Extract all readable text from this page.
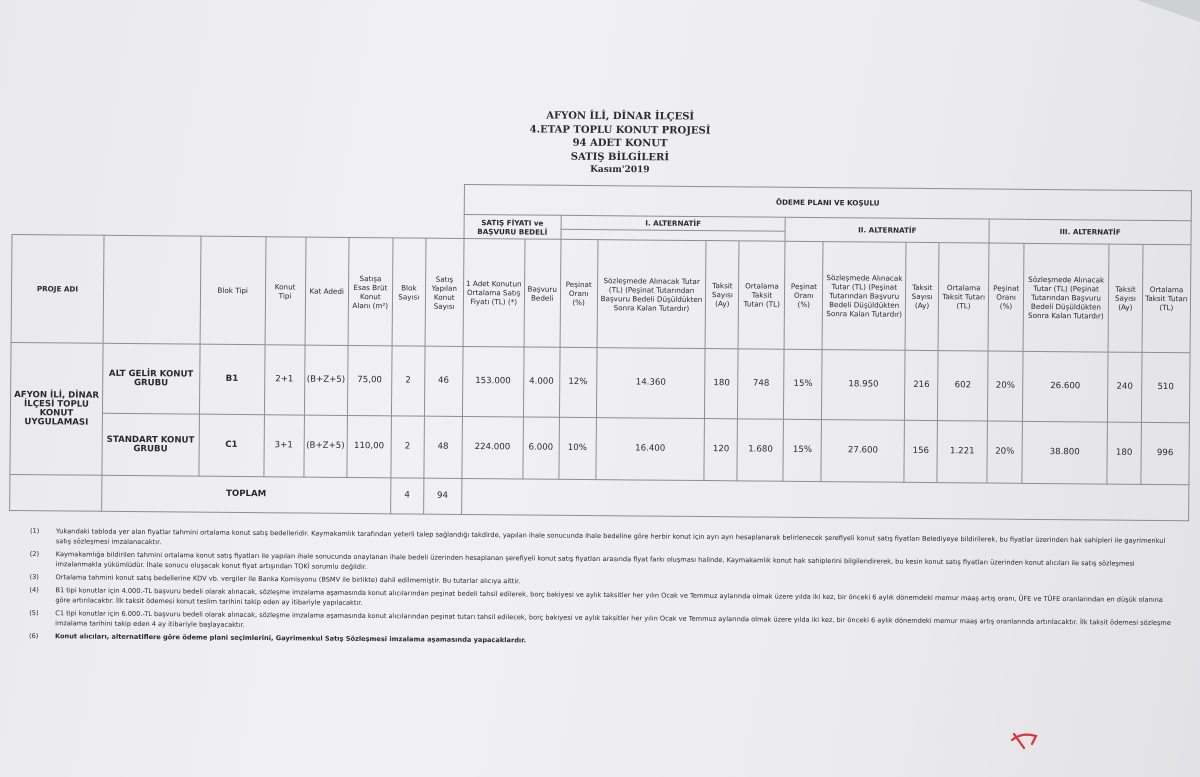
AFYON İLİ, DİNAR İLÇESİ
4.ETAP TOPLU KONUT PROJESİ
94 ADET KONUT
SATIŞ BİLGİLERİ
Kasım'2019
								ÖDEME PLANI VE KOŞULU													
								SATIŞ FİYATI ve BAŞVURU BEDELİ		I. ALTERNATİF				II. ALTERNATİF				III. ALTERNATİF			

PROJE ADI		Blok Tipi	Konut Tipi	Kat Adedi	Satışa Esas Brüt Konut Alanı (m²)	Blok Sayısı	Satış Yapılan Konut Sayısı	1 Adet Konutun Ortalama Satış Fiyatı (TL) (*)	Başvuru Bedeli	Peşinat Oranı (%)	Sözleşmede Alınacak Tutar (TL) (Peşinat Tutarından Başvuru Bedeli Düşüldükten Sonra Kalan Tutardır)	Taksit Sayısı (Ay)	Ortalama Taksit Tutarı (TL)	Peşinat Oranı (%)	Sözleşmede Alınacak Tutar (TL) (Peşinat Tutarından Başvuru Bedeli Düşüldükten Sonra Kalan Tutardır)	Taksit Sayısı (Ay)	Ortalama Taksit Tutarı (TL)	Peşinat Oranı (%)	Sözleşmede Alınacak Tutar (TL) (Peşinat Tutarından Başvuru Bedeli Düşüldükten Sonra Kalan Tutardır)	Taksit Sayısı (Ay)	Ortalama Taksit Tutarı (TL)
AFYON İLİ, DİNAR İLÇESİ TOPLU KONUT UYGULAMASI	ALT GELİR KONUT GRUBU	B1	2+1	(B+Z+5)	75,00	2	46	153.000	4.000	12%	14.360	180	748	15%	18.950	216	602	20%	26.600	240	510
	STANDART KONUT GRUBU	C1	3+1	(B+Z+5)	110,00	2	48	224.000	6.000	10%	16.400	120	1.680	15%	27.600	156	1.221	20%	38.800	180	996
	TOPLAM					4	94														
(1)	Yukarıdaki tabloda yer alan fiyatlar tahmini ortalama konut satış bedelleridir. Kaymakamlık tarafından yeterli talep sağlandığı takdirde, yapılan ihale sonucunda ihale bedeline göre herbir konut için ayrı ayrı hesaplanarak belirlenecek şerefiyeli konut satış fiyatları Belediyeye bildirilerek, bu fiyatlar üzerinden hak sahipleri ile gayrimenkul satış sözleşmesi imzalanacaktır.
(2)	Kaymakamlığa bildirilen tahmini ortalama konut satış fiyatları ile yapılan ihale sonucunda onaylanan ihale bedeli üzerinden hesaplanan şerefiyeli konut satış fiyatları arasında fiyat farkı oluşması halinde, Kaymakamlık konut hak sahiplerini bilgilendirerek, bu kesin konut satış fiyatları üzerinden konut alıcıları ile satış sözleşmesi imzalanmakla yükümlüdür. İhale sonucu oluşacak konut fiyat artışından TOKİ sorumlu değildir.
(3)	Ortalama tahmini konut satış bedellerine KDV vb. vergiler ile Banka Komisyonu (BSMV ile birlikte) dahil edilmemiştir. Bu tutarlar alıcıya aittir.
(4)	B1 tipi konutlar için 4.000.-TL başvuru bedeli olarak alınacak, sözleşme imzalama aşamasında konut alıcılarından peşinat bedeli tahsil edilerek, borç bakiyesi ve aylık taksitler her yılın Ocak ve Temmuz aylarında olmak üzere yılda iki kez, bir önceki 6 aylık dönemdeki memur maaş artış oranı, ÜFE ve TÜFE oranlarından en düşük olanına göre artırılacaktır. İlk taksit ödemesi konut teslim tarihini takip eden ay itibariyle yapılacaktır.
(5)	C1 tipi konutlar için 6.000.-TL başvuru bedeli olarak alınacak, sözleşme imzalama aşamasında konut alıcılarından peşinat tutarı tahsil edilecek, borç bakiyesi ve aylık taksitler her yılın Ocak ve Temmuz aylarında olmak üzere yılda iki kez, bir önceki 6 aylık dönemdeki memur maaş artış oranlarında artırılacaktır. İlk taksit ödemesi sözleşme imzalama tarihini takip eden 4 ay itibariyle başlayacaktır.
(6)	Konut alıcıları, alternatiflere göre ödeme plani seçimlerini, Gayrimenkul Satış Sözleşmesi imzalama aşamasında yapacaklardır.
